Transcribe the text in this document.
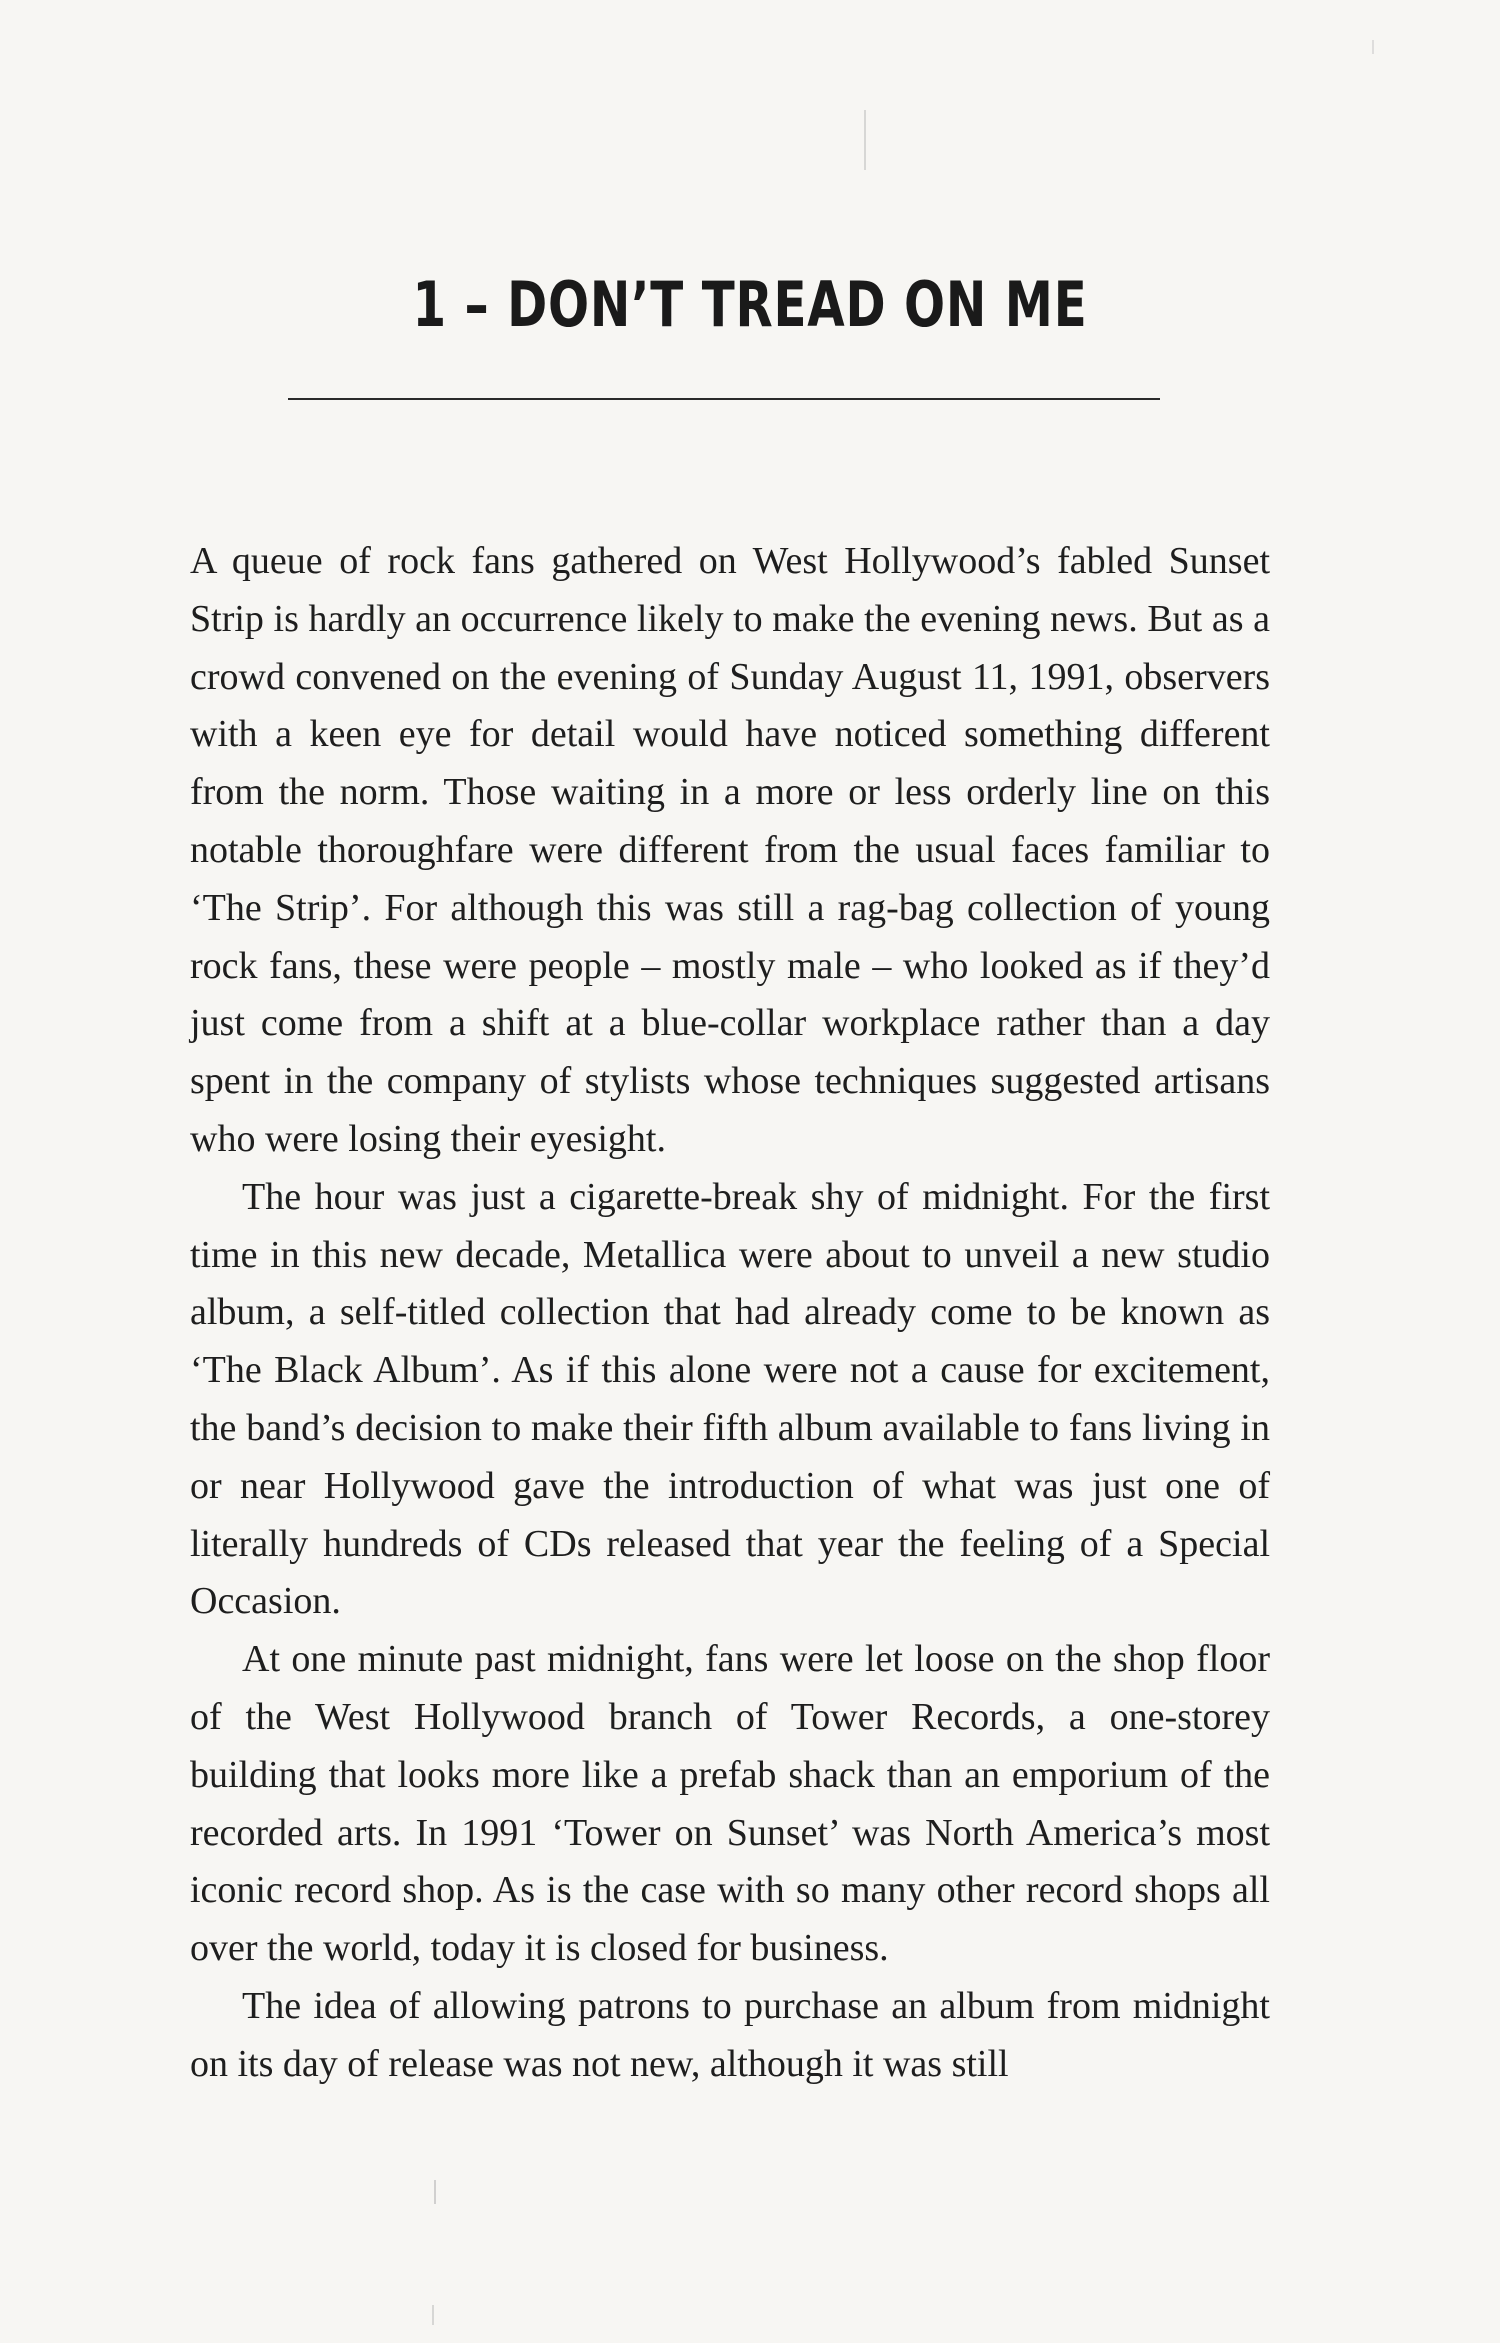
1 – DON’T TREAD ON ME

A queue of rock fans gathered on West Hollywood’s fabled Sunset Strip is hardly an occurrence likely to make the evening news. But as a crowd convened on the evening of Sunday August 11, 1991, observers with a keen eye for detail would have noticed something different from the norm. Those waiting in a more or less orderly line on this notable thoroughfare were different from the usual faces familiar to ‘The Strip’. For although this was still a rag-bag collection of young rock fans, these were people – mostly male – who looked as if they’d just come from a shift at a blue-collar workplace rather than a day spent in the company of stylists whose techniques suggested artisans who were losing their eyesight.

The hour was just a cigarette-break shy of midnight. For the first time in this new decade, Metallica were about to unveil a new studio album, a self-titled collection that had already come to be known as ‘The Black Album’. As if this alone were not a cause for excitement, the band’s decision to make their fifth album available to fans living in or near Hollywood gave the introduction of what was just one of literally hundreds of CDs released that year the feeling of a Special Occasion.

At one minute past midnight, fans were let loose on the shop floor of the West Hollywood branch of Tower Records, a one-storey building that looks more like a prefab shack than an emporium of the recorded arts. In 1991 ‘Tower on Sunset’ was North America’s most iconic record shop. As is the case with so many other record shops all over the world, today it is closed for business.

The idea of allowing patrons to purchase an album from midnight on its day of release was not new, although it was still
